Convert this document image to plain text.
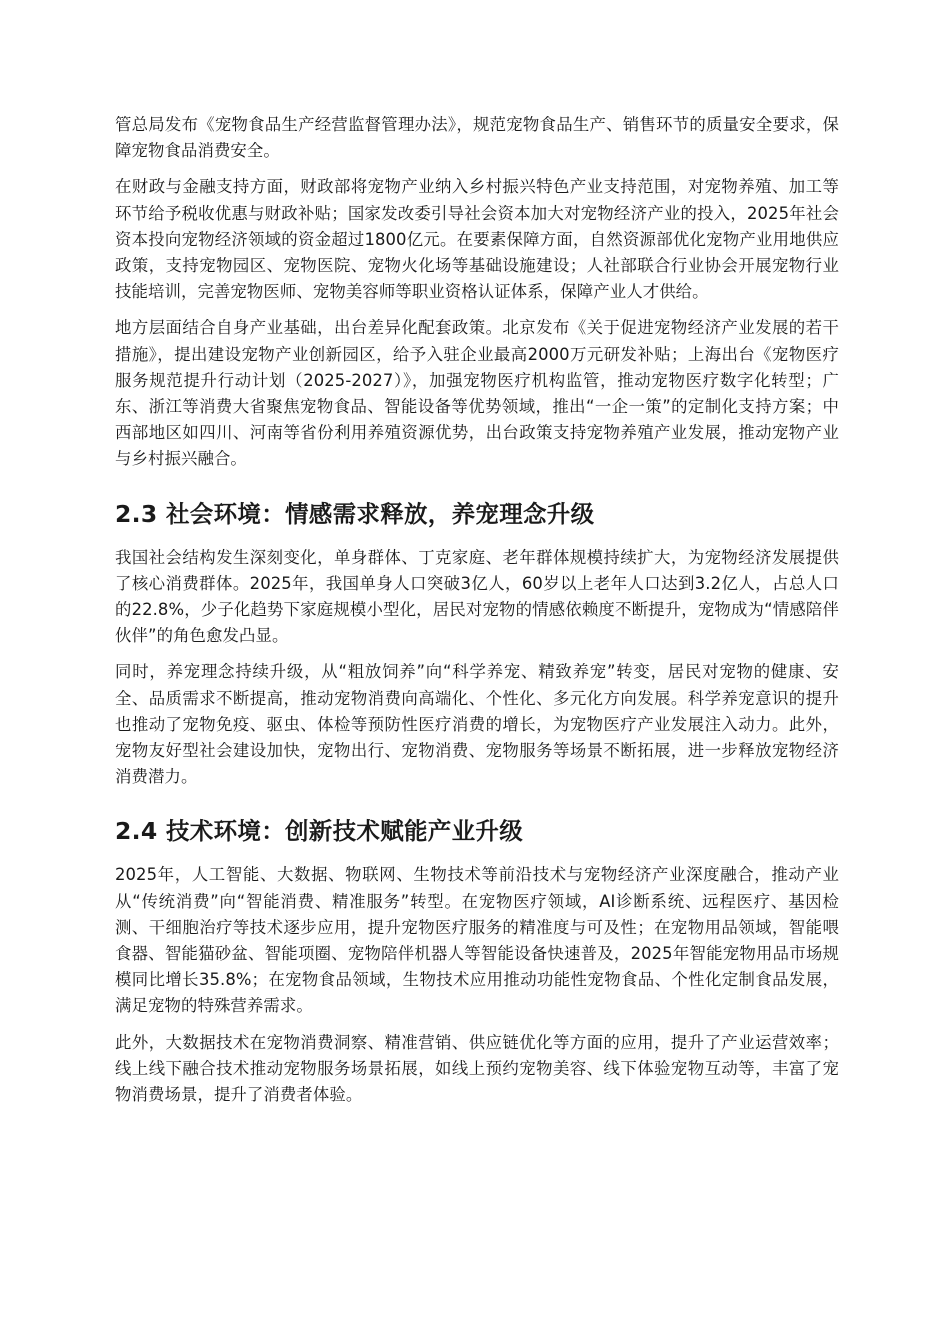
管总局发布《宠物食品生产经营监督管理办法》，规范宠物食品生产、销售环节的质量安全要求，保障宠物食品消费安全。

在财政与金融支持方面，财政部将宠物产业纳入乡村振兴特色产业支持范围，对宠物养殖、加工等环节给予税收优惠与财政补贴；国家发改委引导社会资本加大对宠物经济产业的投入，2025年社会资本投向宠物经济领域的资金超过1800亿元。在要素保障方面，自然资源部优化宠物产业用地供应政策，支持宠物园区、宠物医院、宠物火化场等基础设施建设；人社部联合行业协会开展宠物行业技能培训，完善宠物医师、宠物美容师等职业资格认证体系，保障产业人才供给。

地方层面结合自身产业基础，出台差异化配套政策。北京发布《关于促进宠物经济产业发展的若干措施》，提出建设宠物产业创新园区，给予入驻企业最高2000万元研发补贴；上海出台《宠物医疗服务规范提升行动计划（2025-2027）》，加强宠物医疗机构监管，推动宠物医疗数字化转型；广东、浙江等消费大省聚焦宠物食品、智能设备等优势领域，推出“一企一策”的定制化支持方案；中西部地区如四川、河南等省份利用养殖资源优势，出台政策支持宠物养殖产业发展，推动宠物产业与乡村振兴融合。

2.3 社会环境：情感需求释放，养宠理念升级

我国社会结构发生深刻变化，单身群体、丁克家庭、老年群体规模持续扩大，为宠物经济发展提供了核心消费群体。2025年，我国单身人口突破3亿人，60岁以上老年人口达到3.2亿人，占总人口的22.8%，少子化趋势下家庭规模小型化，居民对宠物的情感依赖度不断提升，宠物成为“情感陪伴伙伴”的角色愈发凸显。

同时，养宠理念持续升级，从“粗放饲养”向“科学养宠、精致养宠”转变，居民对宠物的健康、安全、品质需求不断提高，推动宠物消费向高端化、个性化、多元化方向发展。科学养宠意识的提升也推动了宠物免疫、驱虫、体检等预防性医疗消费的增长，为宠物医疗产业发展注入动力。此外，宠物友好型社会建设加快，宠物出行、宠物消费、宠物服务等场景不断拓展，进一步释放宠物经济消费潜力。

2.4 技术环境：创新技术赋能产业升级

2025年，人工智能、大数据、物联网、生物技术等前沿技术与宠物经济产业深度融合，推动产业从“传统消费”向“智能消费、精准服务”转型。在宠物医疗领域，AI诊断系统、远程医疗、基因检测、干细胞治疗等技术逐步应用，提升宠物医疗服务的精准度与可及性；在宠物用品领域，智能喂食器、智能猫砂盆、智能项圈、宠物陪伴机器人等智能设备快速普及，2025年智能宠物用品市场规模同比增长35.8%；在宠物食品领域，生物技术应用推动功能性宠物食品、个性化定制食品发展，满足宠物的特殊营养需求。

此外，大数据技术在宠物消费洞察、精准营销、供应链优化等方面的应用，提升了产业运营效率；线上线下融合技术推动宠物服务场景拓展，如线上预约宠物美容、线下体验宠物互动等，丰富了宠物消费场景，提升了消费者体验。
